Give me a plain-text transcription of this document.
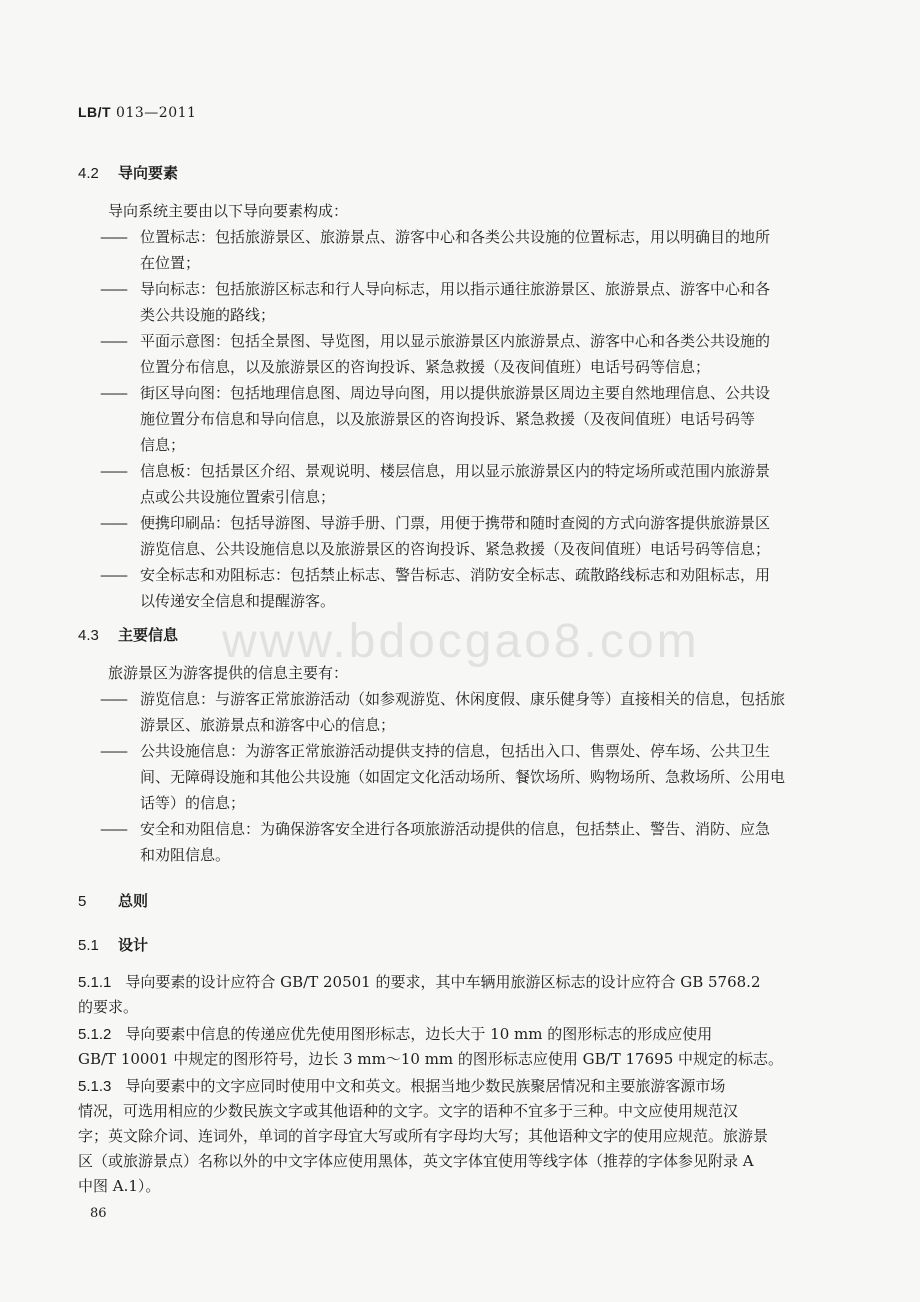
www.bdocgao8.com
LB/T 013—2011
4.2 导向要素
导向系统主要由以下导向要素构成：
—— 位置标志：包括旅游景区、旅游景点、游客中心和各类公共设施的位置标志，用以明确目的地所
在位置；
—— 导向标志：包括旅游区标志和行人导向标志，用以指示通往旅游景区、旅游景点、游客中心和各
类公共设施的路线；
—— 平面示意图：包括全景图、导览图，用以显示旅游景区内旅游景点、游客中心和各类公共设施的
位置分布信息，以及旅游景区的咨询投诉、紧急救援（及夜间值班）电话号码等信息；
—— 街区导向图：包括地理信息图、周边导向图，用以提供旅游景区周边主要自然地理信息、公共设
施位置分布信息和导向信息，以及旅游景区的咨询投诉、紧急救援（及夜间值班）电话号码等
信息；
—— 信息板：包括景区介绍、景观说明、楼层信息，用以显示旅游景区内的特定场所或范围内旅游景
点或公共设施位置索引信息；
—— 便携印刷品：包括导游图、导游手册、门票，用便于携带和随时查阅的方式向游客提供旅游景区
游览信息、公共设施信息以及旅游景区的咨询投诉、紧急救援（及夜间值班）电话号码等信息；
—— 安全标志和劝阻标志：包括禁止标志、警告标志、消防安全标志、疏散路线标志和劝阻标志，用
以传递安全信息和提醒游客。
4.3 主要信息
旅游景区为游客提供的信息主要有：
—— 游览信息：与游客正常旅游活动（如参观游览、休闲度假、康乐健身等）直接相关的信息，包括旅
游景区、旅游景点和游客中心的信息；
—— 公共设施信息：为游客正常旅游活动提供支持的信息，包括出入口、售票处、停车场、公共卫生
间、无障碍设施和其他公共设施（如固定文化活动场所、餐饮场所、购物场所、急救场所、公用电
话等）的信息；
—— 安全和劝阻信息：为确保游客安全进行各项旅游活动提供的信息，包括禁止、警告、消防、应急
和劝阻信息。
5 总则
5.1 设计
5.1.1 导向要素的设计应符合 GB/T 20501 的要求，其中车辆用旅游区标志的设计应符合 GB 5768.2
的要求。
5.1.2 导向要素中信息的传递应优先使用图形标志，边长大于 10 mm 的图形标志的形成应使用
GB/T 10001 中规定的图形符号，边长 3 mm～10 mm 的图形标志应使用 GB/T 17695 中规定的标志。
5.1.3 导向要素中的文字应同时使用中文和英文。根据当地少数民族聚居情况和主要旅游客源市场
情况，可选用相应的少数民族文字或其他语种的文字。文字的语种不宜多于三种。中文应使用规范汉
字；英文除介词、连词外，单词的首字母宜大写或所有字母均大写；其他语种文字的使用应规范。旅游景
区（或旅游景点）名称以外的中文字体应使用黑体，英文字体宜使用等线字体（推荐的字体参见附录 A
中图 A.1）。
86
